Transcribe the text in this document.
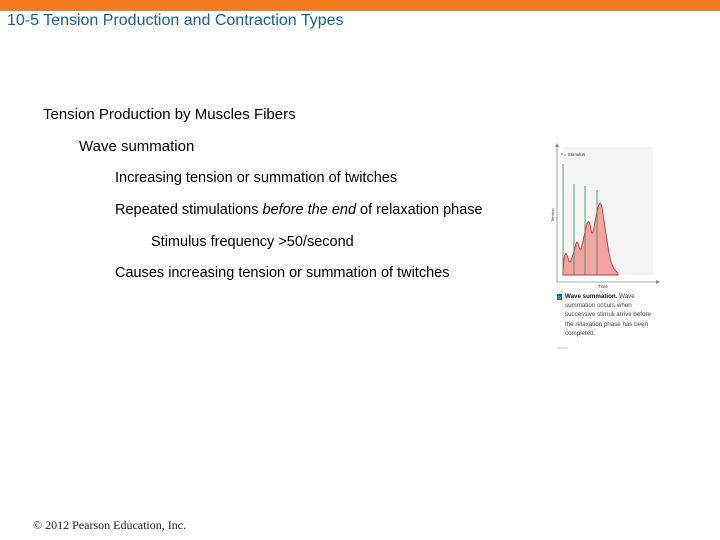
10-5 Tension Production and Contraction Types
Tension Production by Muscles Fibers
Wave summation
Increasing tension or summation of twitches
Repeated stimulations before the end of relaxation phase
Stimulus frequency >50/second
Causes increasing tension or summation of twitches
= Stimulus
Tension
Time
b Wave summation. Wave summation occurs when successive stimuli arrive before the relaxation phase has been completed.
© 2012 Pearson Education, Inc.
